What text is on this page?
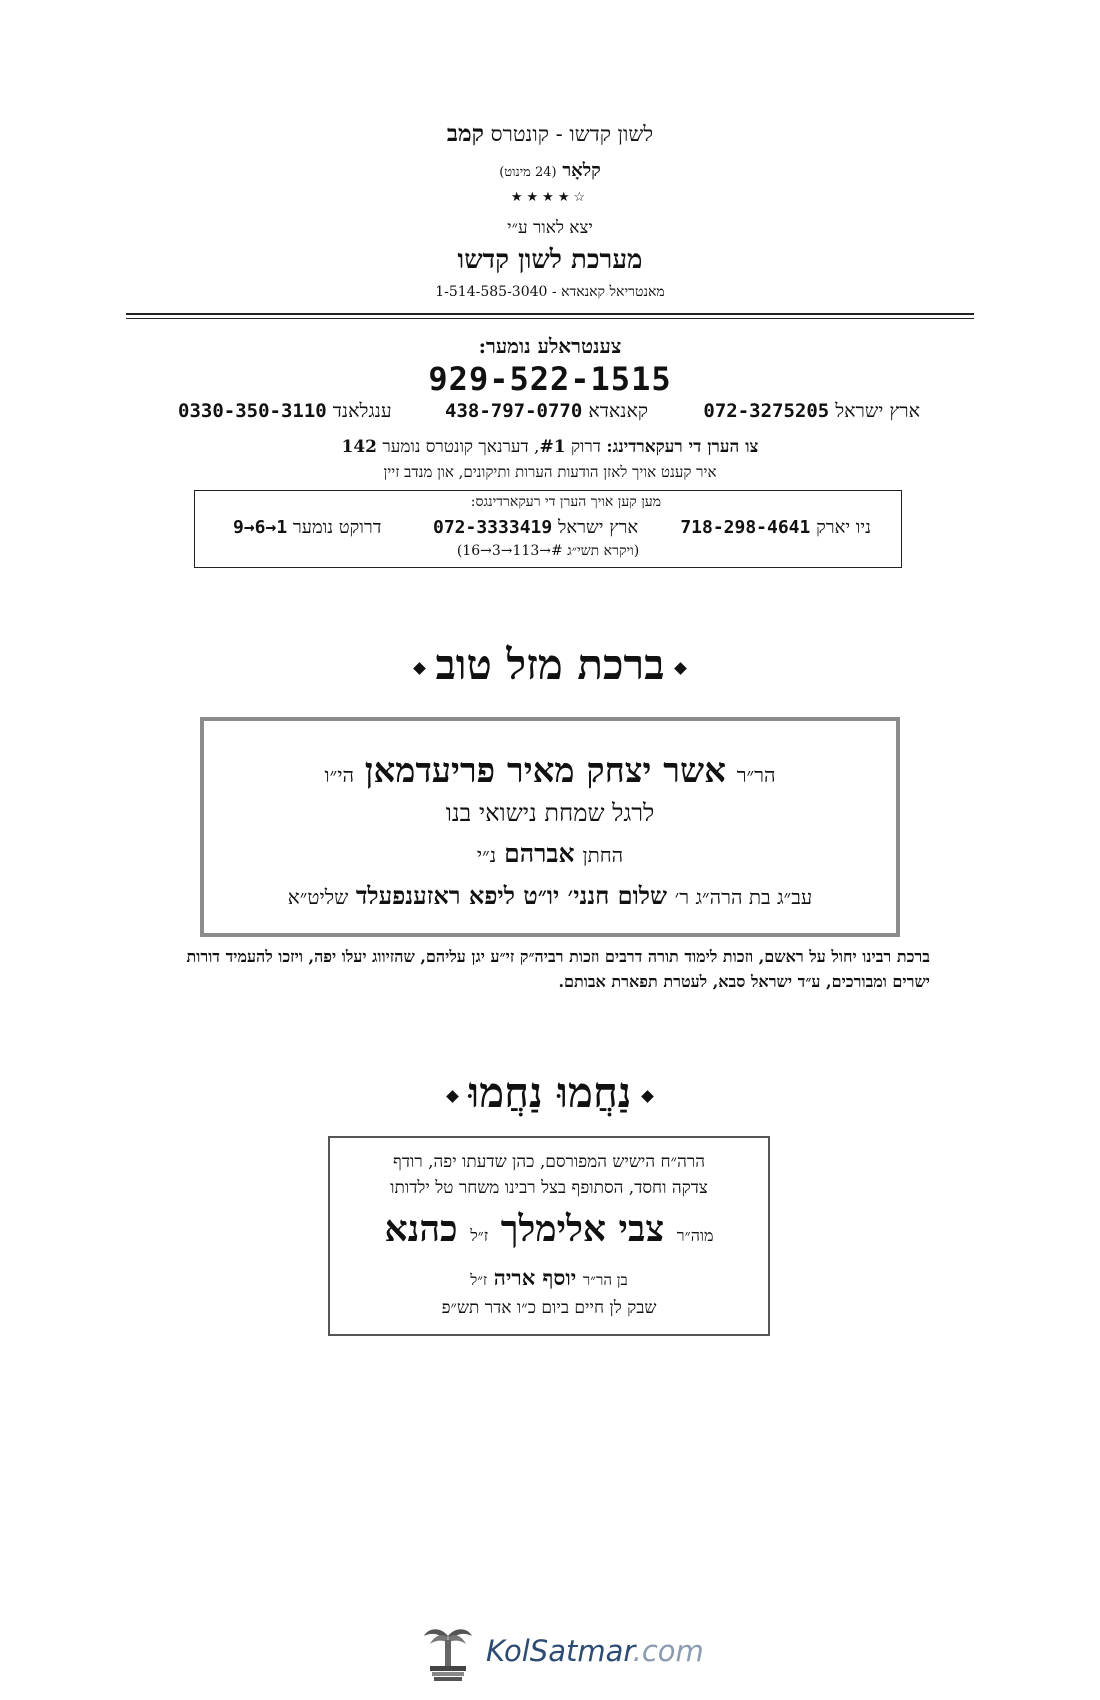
לשון קדשו - קונטרס קמב
קלאָר (24 מינוט)
★★★★☆
יצא לאור ע״י
מערכת לשון קדשו
מאנטריאל קאנאדא - 1-514-585-3040
צענטראלע נומער:
929-522-1515
ארץ ישראל 072-3275205
קאנאדא 438-797-0770
ענגלאנד 0330-350-3110
צו הערן די רעקארדינג: דרוק #1, דערנאך קונטרס נומער 142
איר קענט אויך לאזן הודעות הערות ותיקונים, און מנדב זיין
מען קען אויך הערן די רעקארדינגס:
ניו יארק 718-298-4641
ארץ ישראל 072-3333419
דרוקט נומער 9→6→1
(ויקרא תשי״ג #→113→3→16)
ברכת מזל טוב
הר״ר אשר יצחק מאיר פריעדמאן הי״ו
לרגל שמחת נישואי בנו
החתן אברהם נ״י
עב״ג בת הרה״ג ר׳ שלום חנני׳ יו״ט ליפא ראזענפעלד שליט״א
ברכת רבינו יחול על ראשם, וזכות לימוד תורה דרבים וזכות רביה״ק זי״ע יגן עליהם, שהזיווג יעלו יפה, ויזכו להעמיד דורות ישרים ומבורכים, ע״ד ישראל סבא, לעטרת תפארת אבותם.
נַחֲמוּ נַחֲמוּ
הרה״ח הישיש המפורסם, כהן שדעתו יפה, רודף
צדקה וחסד, הסתופף בצל רבינו משחר טל ילדותו
מוה״ר צבי אלימלך ז״ל כהנא
בן הר״ר יוסף אריה ז״ל
שבק לן חיים ביום כ״ו אדר תש״פ
KolSatmar.com
